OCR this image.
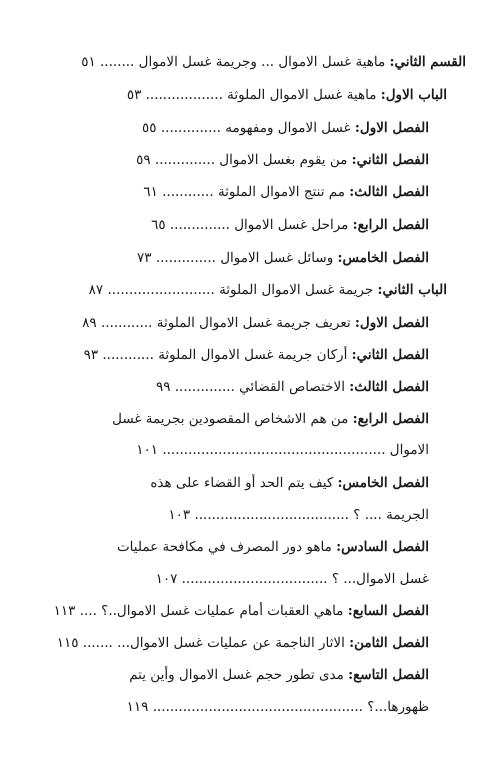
القسم الثاني: ماهية غسل الاموال ... وجريمة غسل الاموال ........ ٥١
الباب الاول: ماهية غسل الاموال الملوثة .................. ٥٣
الفصل الاول: غسل الاموال ومفهومه .............. ٥٥
الفصل الثاني: من يقوم بغسل الاموال .............. ٥٩
الفصل الثالث: مم تنتج الاموال الملوثة ............ ٦١
الفصل الرابع: مراحل غسل الاموال .............. ٦٥
الفصل الخامس: وسائل غسل الاموال .............. ٧٣
الباب الثاني: جريمة غسل الاموال الملوثة ......................... ٨٧
الفصل الاول: تعريف جريمة غسل الاموال الملوثة ............ ٨٩
الفصل الثاني: أركان جريمة غسل الاموال الملوثة ............ ٩٣
الفصل الثالث: الاختصاص القضائي .............. ٩٩
الفصل الرابع: من هم الاشخاص المقصودين بجريمة غسل
الاموال .................................................... ١٠١
الفصل الخامس: كيف يتم الحد أو القضاء على هذه
الجريمة .... ؟ .................................... ١٠٣
الفصل السادس: ماهو دور المصرف في مكافحة عمليات
غسل الاموال... ؟ .................................. ١٠٧
الفصل السابع: ماهي العقبات أمام عمليات غسل الاموال..؟ .... ١١٣
الفصل الثامن: الاثار الناجمة عن عمليات غسل الاموال... ....... ١١٥
الفصل التاسع: مدى تطور حجم غسل الاموال وأين يتم
ظهورها...؟ ................................................. ١١٩
